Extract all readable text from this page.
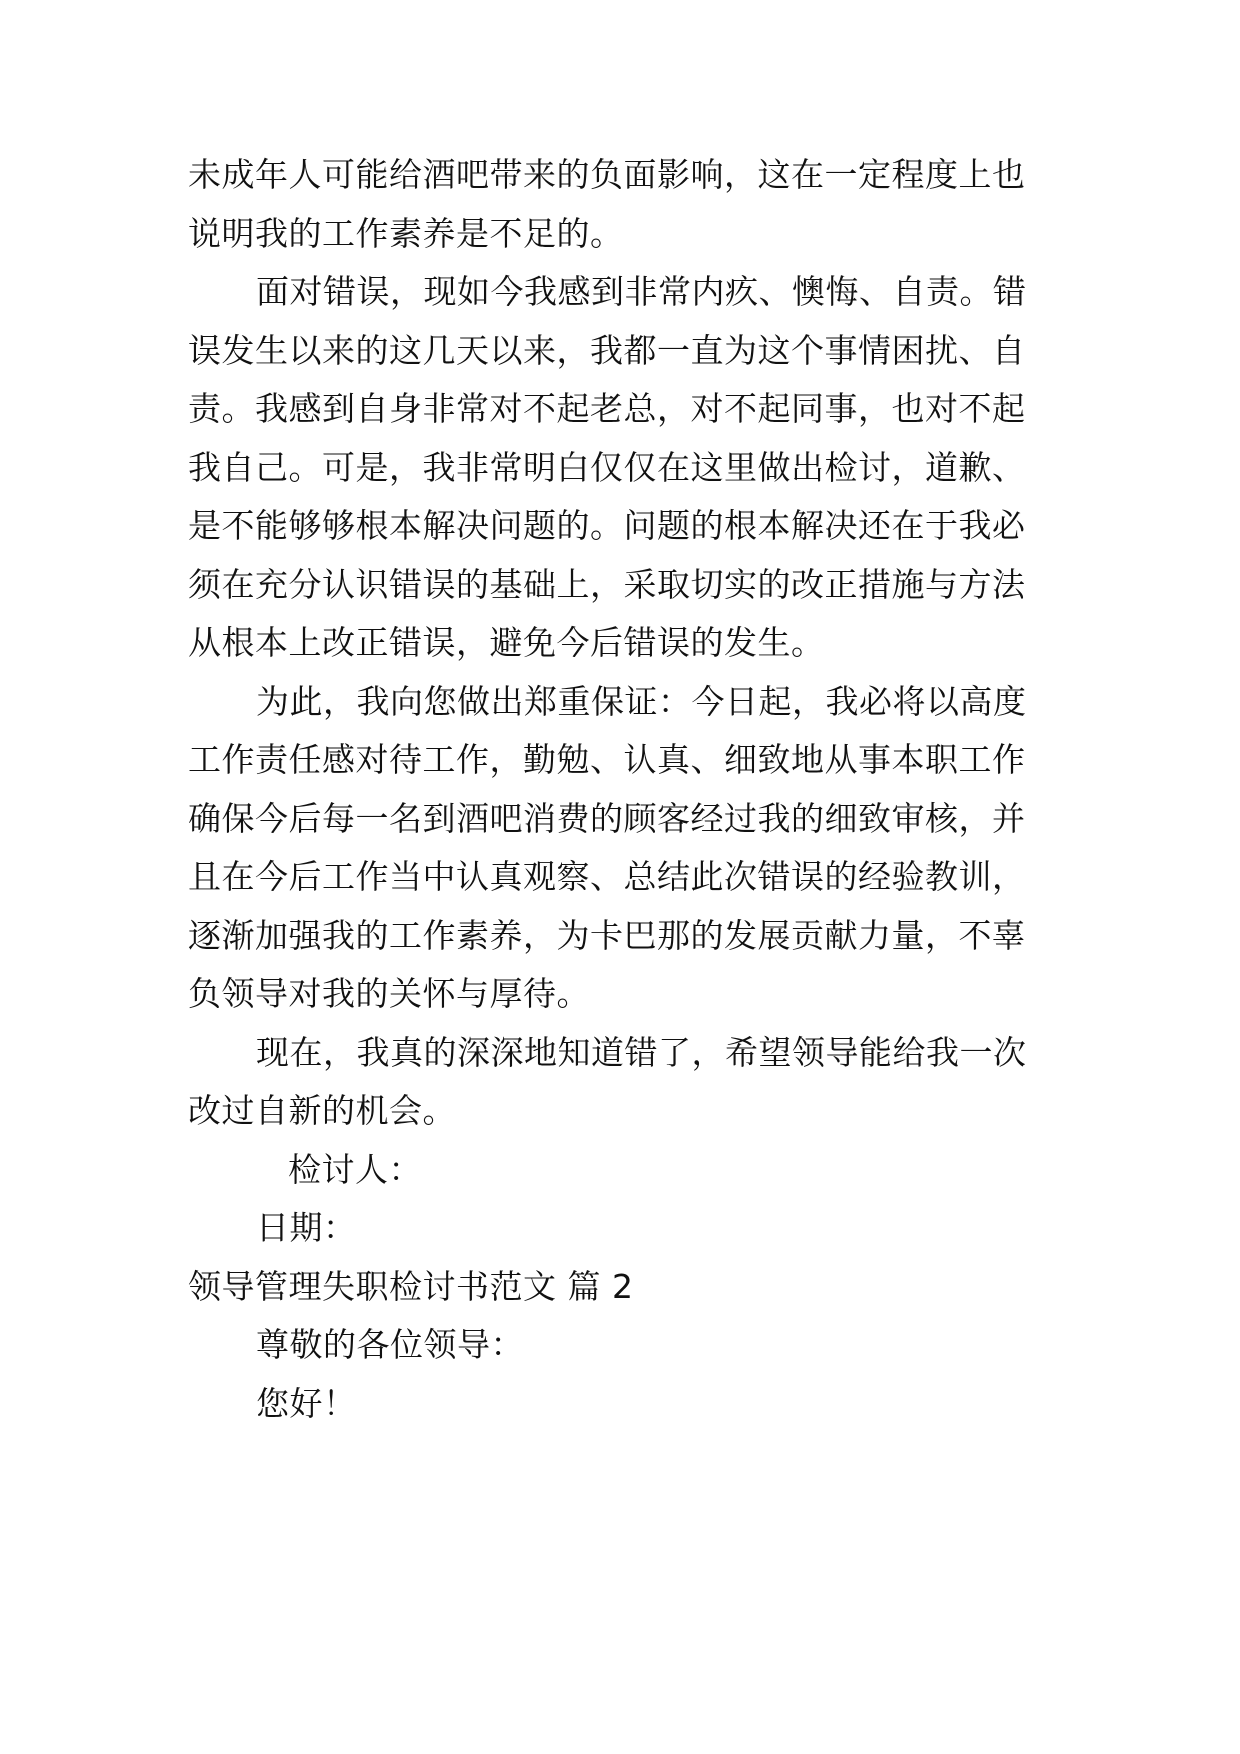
未成年人可能给酒吧带来的负面影响，这在一定程度上也
说明我的工作素养是不足的。
面对错误，现如今我感到非常内疚、懊悔、自责。错
误发生以来的这几天以来，我都一直为这个事情困扰、自
责。我感到自身非常对不起老总，对不起同事，也对不起
我自己。可是，我非常明白仅仅在这里做出检讨，道歉、
是不能够够根本解决问题的。问题的根本解决还在于我必
须在充分认识错误的基础上，采取切实的改正措施与方法
从根本上改正错误，避免今后错误的发生。
为此，我向您做出郑重保证：今日起，我必将以高度
工作责任感对待工作，勤勉、认真、细致地从事本职工作
确保今后每一名到酒吧消费的顾客经过我的细致审核，并
且在今后工作当中认真观察、总结此次错误的经验教训，
逐渐加强我的工作素养，为卡巴那的发展贡献力量，不辜
负领导对我的关怀与厚待。
现在，我真的深深地知道错了，希望领导能给我一次
改过自新的机会。
检讨人：
日期：
领导管理失职检讨书范文 篇 2
尊敬的各位领导：
您好！
